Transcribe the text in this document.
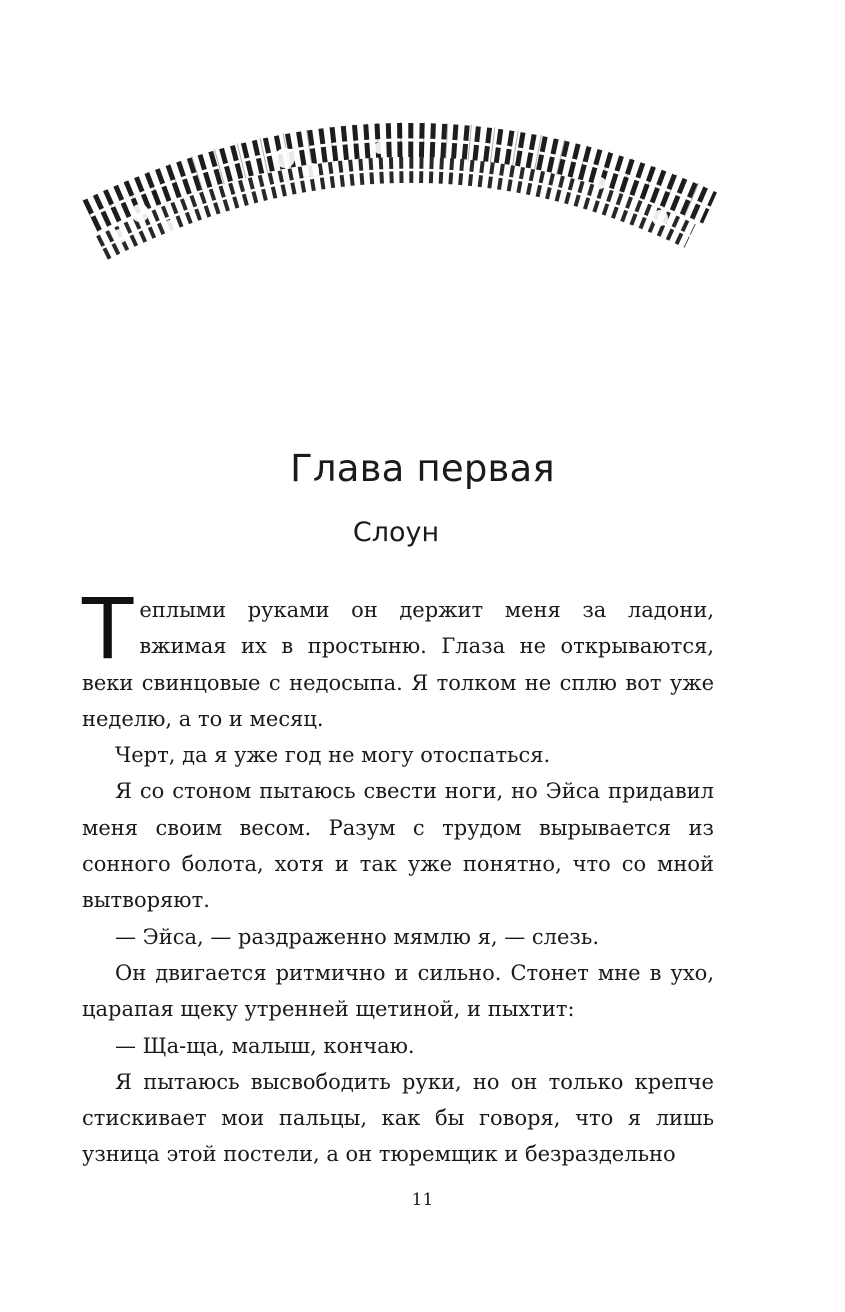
Глава первая
Слоун

Теплыми руками он держит меня за ладони, вжимая их в простыню. Глаза не открываются, веки свинцовые с недосыпа. Я толком не сплю вот уже неделю, а то и месяц.

Черт, да я уже год не могу отоспаться.

Я со стоном пытаюсь свести ноги, но Эйса придавил меня своим весом. Разум с трудом вырывается из сонного болота, хотя и так уже понятно, что со мной вытворяют.

— Эйса, — раздраженно мямлю я, — слезь.

Он двигается ритмично и сильно. Стонет мне в ухо, царапая щеку утренней щетиной, и пыхтит:

— Ща-ща, малыш, кончаю.

Я пытаюсь высвободить руки, но он только крепче стискивает мои пальцы, как бы говоря, что я лишь узница этой постели, а он тюремщик и безраздельно

11
